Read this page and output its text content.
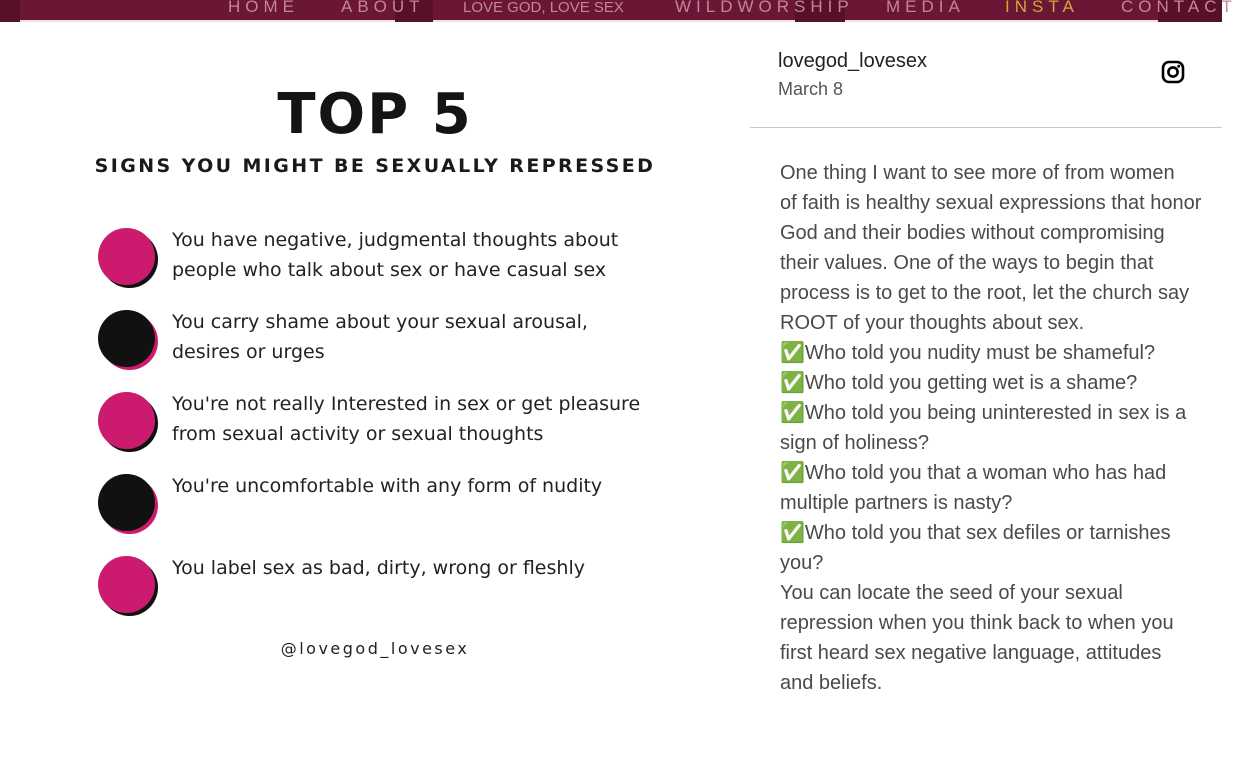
HOME ABOUT	LOVE GOD, LOVE SEX	WILDWORSHIP MEDIA INSTA CONTACT
TOP 5
SIGNS YOU MIGHT BE SEXUALLY REPRESSED
You have negative, judgmental thoughts about
people who talk about sex or have casual sex
You carry shame about your sexual arousal,
desires or urges
You're not really Interested in sex or get pleasure
from sexual activity or sexual thoughts
You're uncomfortable with any form of nudity
You label sex as bad, dirty, wrong or fleshly
@lovegod_lovesex
lovegod_lovesex
March 8
One thing I want to see more of from women
of faith is healthy sexual expressions that honor
God and their bodies without compromising
their values. One of the ways to begin that
process is to get to the root, let the church say
ROOT of your thoughts about sex.
✅Who told you nudity must be shameful?
✅Who told you getting wet is a shame?
✅Who told you being uninterested in sex is a
sign of holiness?
✅Who told you that a woman who has had
multiple partners is nasty?
✅Who told you that sex defiles or tarnishes
you?
You can locate the seed of your sexual
repression when you think back to when you
first heard sex negative language, attitudes
and beliefs.
